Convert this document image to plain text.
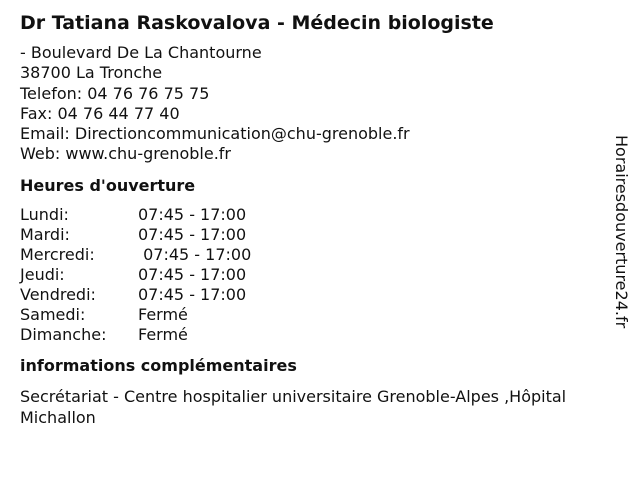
Dr Tatiana Raskovalova - Médecin biologiste
- Boulevard De La Chantourne
38700 La Tronche
Telefon: 04 76 76 75 75
Fax: 04 76 44 77 40
Email: Directioncommunication@chu-grenoble.fr
Web: www.chu-grenoble.fr
Heures d'ouverture
Lundi:	07:45 - 17:00
Mardi:	07:45 - 17:00
Mercredi:	07:45 - 17:00
Jeudi:	07:45 - 17:00
Vendredi:	07:45 - 17:00
Samedi:	Fermé
Dimanche:	Fermé
informations complémentaires
Secrétariat - Centre hospitalier universitaire Grenoble-Alpes ,Hôpital Michallon
Horairesdouverture24.fr
